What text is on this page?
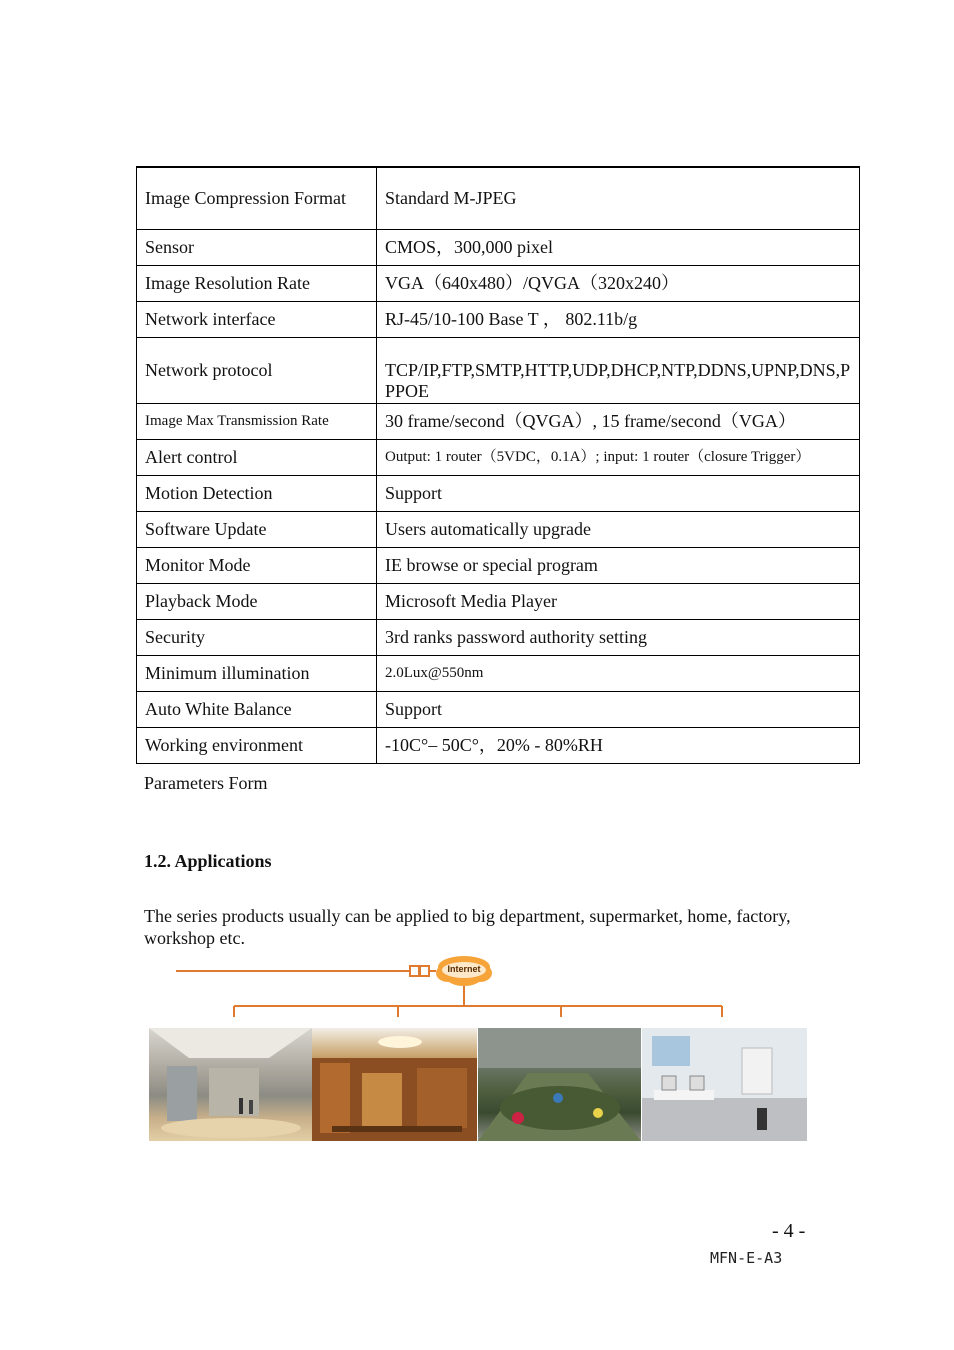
Image Compression Format	Standard M-JPEG
Sensor	CMOS，300,000 pixel
Image Resolution Rate	VGA（640x480）/QVGA（320x240）
Network interface	RJ-45/10-100 Base T ， 802.11b/g
Network protocol	TCP/IP,FTP,SMTP,HTTP,UDP,DHCP,NTP,DDNS,UPNP,DNS,PPPOE
Image Max Transmission Rate	30 frame/second（QVGA）, 15 frame/second（VGA）
Alert control	Output: 1 router（5VDC，0.1A）; input: 1 router（closure Trigger）
Motion Detection	Support
Software Update	Users automatically upgrade
Monitor Mode	IE browse or special program
Playback Mode	Microsoft Media Player
Security	3rd ranks password authority setting
Minimum illumination	2.0Lux@550nm
Auto White Balance	Support
Working environment	-10C°– 50C°，20% - 80%RH
Parameters Form
1.2. Applications
The series products usually can be applied to big department, supermarket, home, factory, workshop etc.
Internet
- 4 -
MFN-E-A3
